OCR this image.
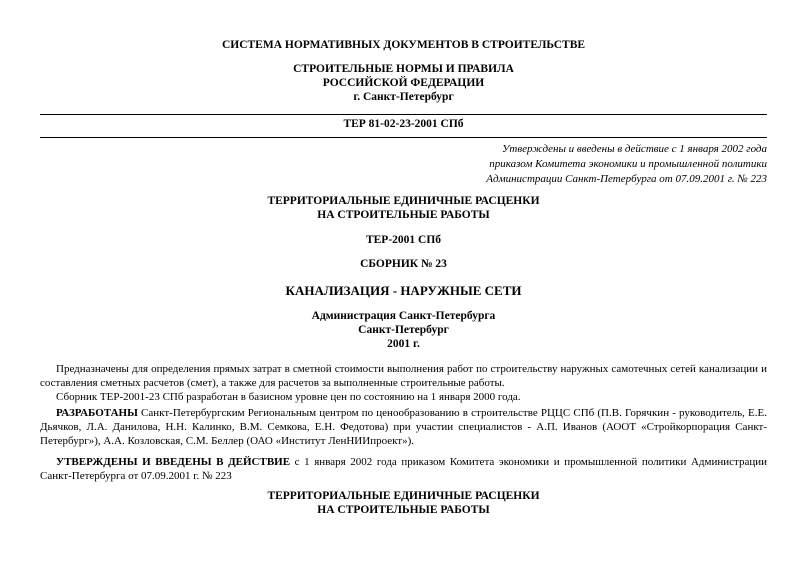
СИСТЕМА НОРМАТИВНЫХ ДОКУМЕНТОВ В СТРОИТЕЛЬСТВЕ
СТРОИТЕЛЬНЫЕ НОРМЫ И ПРАВИЛА
РОССИЙСКОЙ ФЕДЕРАЦИИ
г. Санкт-Петербург
ТЕР 81-02-23-2001 СПб
Утверждены и введены в действие с 1 января 2002 года
приказом Комитета экономики и промышленной политики
Администрации Санкт-Петербурга от 07.09.2001 г. № 223
ТЕРРИТОРИАЛЬНЫЕ ЕДИНИЧНЫЕ РАСЦЕНКИ
НА СТРОИТЕЛЬНЫЕ РАБОТЫ
ТЕР-2001 СПб
СБОРНИК № 23
КАНАЛИЗАЦИЯ - НАРУЖНЫЕ СЕТИ
Администрация Санкт-Петербурга
Санкт-Петербург
2001 г.
Предназначены для определения прямых затрат в сметной стоимости выполнения работ по строительству наружных самотечных сетей канализации и составления сметных расчетов (смет), а также для расчетов за выполненные строительные работы.
Сборник ТЕР-2001-23 СПб разработан в базисном уровне цен по состоянию на 1 января 2000 года.
РАЗРАБОТАНЫ Санкт-Петербургским Региональным центром по ценообразованию в строительстве РЦЦС СПб (П.В. Горячкин - руководитель, Е.Е. Дьячков, Л.А. Данилова, Н.Н. Калинко, В.М. Семкова, Е.Н. Федотова) при участии специалистов - А.П. Иванов (АООТ «Стройкорпорация Санкт-Петербург»), А.А. Козловская, С.М. Беллер (ОАО «Институт ЛенНИИпроект»).
УТВЕРЖДЕНЫ И ВВЕДЕНЫ В ДЕЙСТВИЕ с 1 января 2002 года приказом Комитета экономики и промышленной политики Администрации Санкт-Петербурга от 07.09.2001 г. № 223
ТЕРРИТОРИАЛЬНЫЕ ЕДИНИЧНЫЕ РАСЦЕНКИ
НА СТРОИТЕЛЬНЫЕ РАБОТЫ
